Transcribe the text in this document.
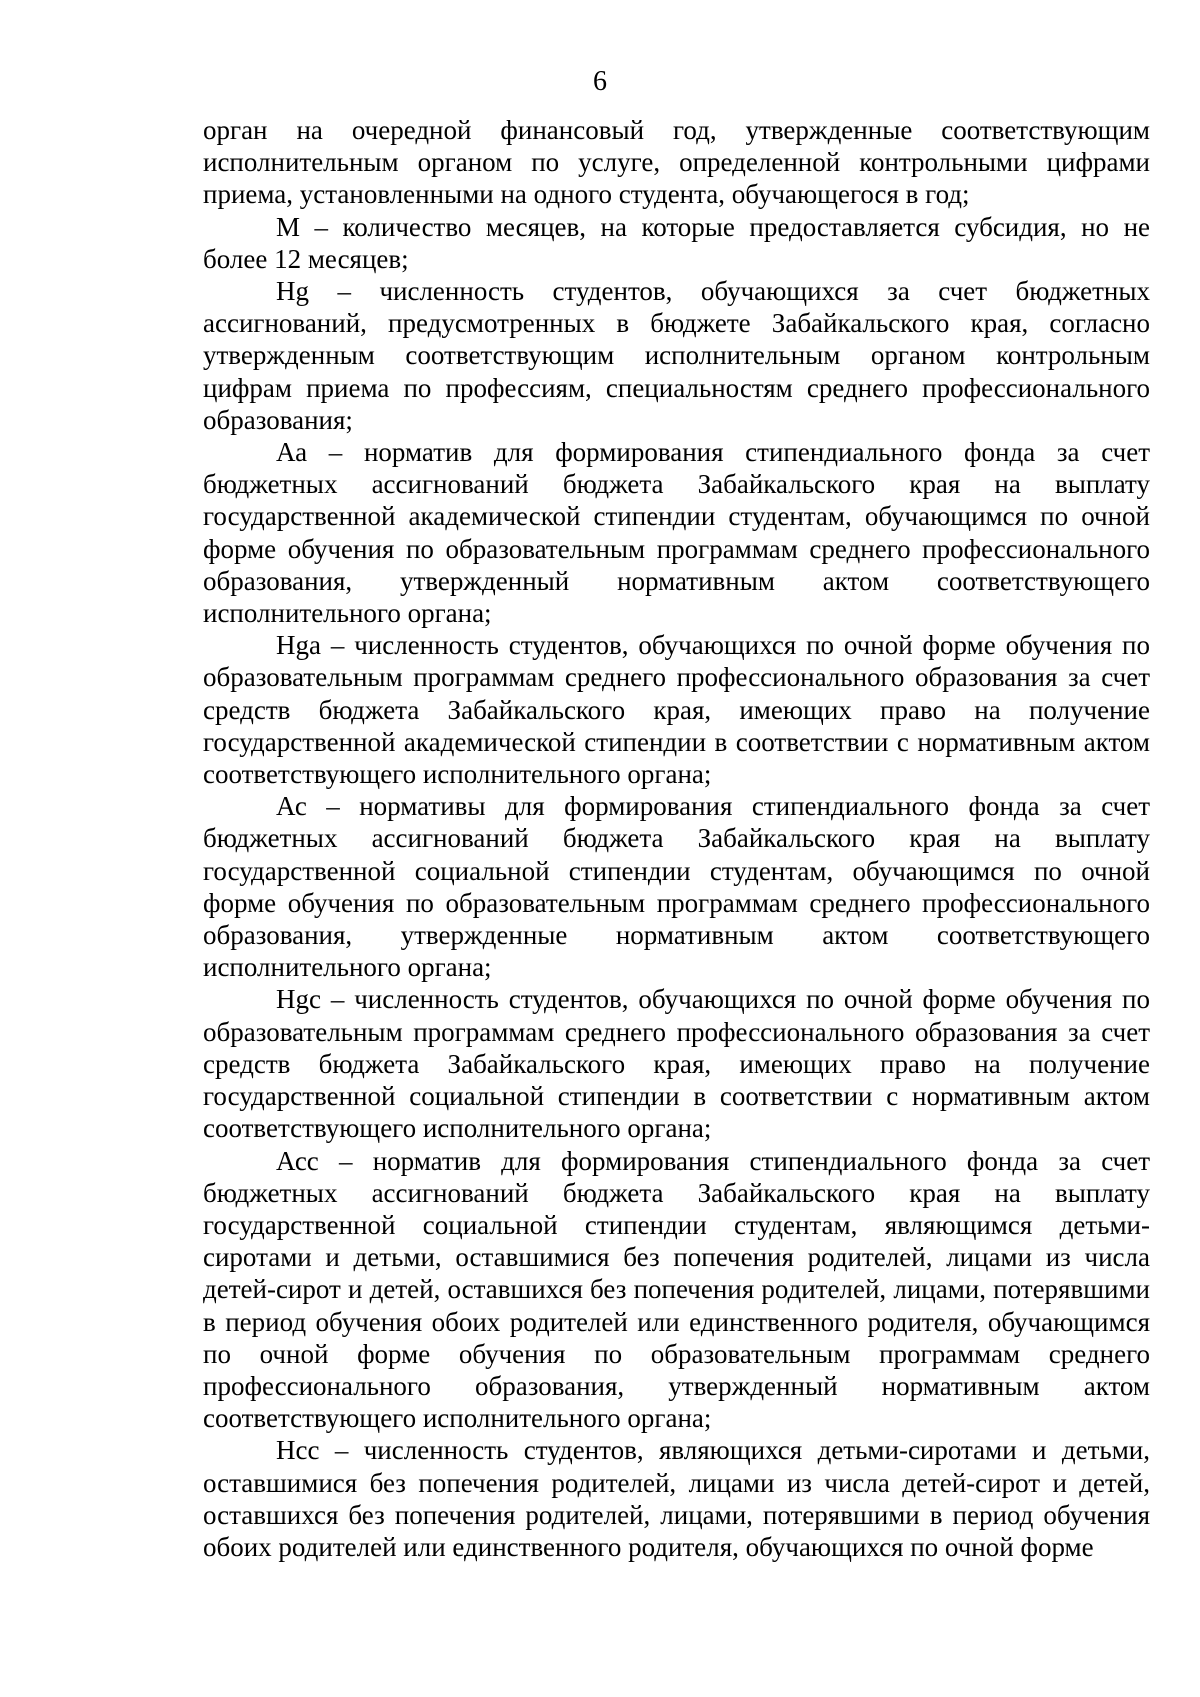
6

орган на очередной финансовый год, утвержденные соответствующим исполнительным органом по услуге, определенной контрольными цифрами приема, установленными на одного студента, обучающегося в год;

М – количество месяцев, на которые предоставляется субсидия, но не более 12 месяцев;

Hg – численность студентов, обучающихся за счет бюджетных ассигнований, предусмотренных в бюджете Забайкальского края, согласно утвержденным соответствующим исполнительным органом контрольным цифрам приема по профессиям, специальностям среднего профессионального образования;

Аа – норматив для формирования стипендиального фонда за счет бюджетных ассигнований бюджета Забайкальского края на выплату государственной академической стипендии студентам, обучающимся по очной форме обучения по образовательным программам среднего профессионального образования, утвержденный нормативным актом соответствующего исполнительного органа;

Hga – численность студентов, обучающихся по очной форме обучения по образовательным программам среднего профессионального образования за счет средств бюджета Забайкальского края, имеющих право на получение государственной академической стипендии в соответствии с нормативным актом соответствующего исполнительного органа;

Ас – нормативы для формирования стипендиального фонда за счет бюджетных ассигнований бюджета Забайкальского края на выплату государственной социальной стипендии студентам, обучающимся по очной форме обучения по образовательным программам среднего профессионального образования, утвержденные нормативным актом соответствующего исполнительного органа;

Hgc – численность студентов, обучающихся по очной форме обучения по образовательным программам среднего профессионального образования за счет средств бюджета Забайкальского края, имеющих право на получение государственной социальной стипендии в соответствии с нормативным актом соответствующего исполнительного органа;

Асс – норматив для формирования стипендиального фонда за счет бюджетных ассигнований бюджета Забайкальского края на выплату государственной социальной стипендии студентам, являющимся детьми-сиротами и детьми, оставшимися без попечения родителей, лицами из числа детей-сирот и детей, оставшихся без попечения родителей, лицами, потерявшими в период обучения обоих родителей или единственного родителя, обучающимся по очной форме обучения по образовательным программам среднего профессионального образования, утвержденный нормативным актом соответствующего исполнительного органа;

Нсс – численность студентов, являющихся детьми-сиротами и детьми, оставшимися без попечения родителей, лицами из числа детей-сирот и детей, оставшихся без попечения родителей, лицами, потерявшими в период обучения обоих родителей или единственного родителя, обучающихся по очной форме
